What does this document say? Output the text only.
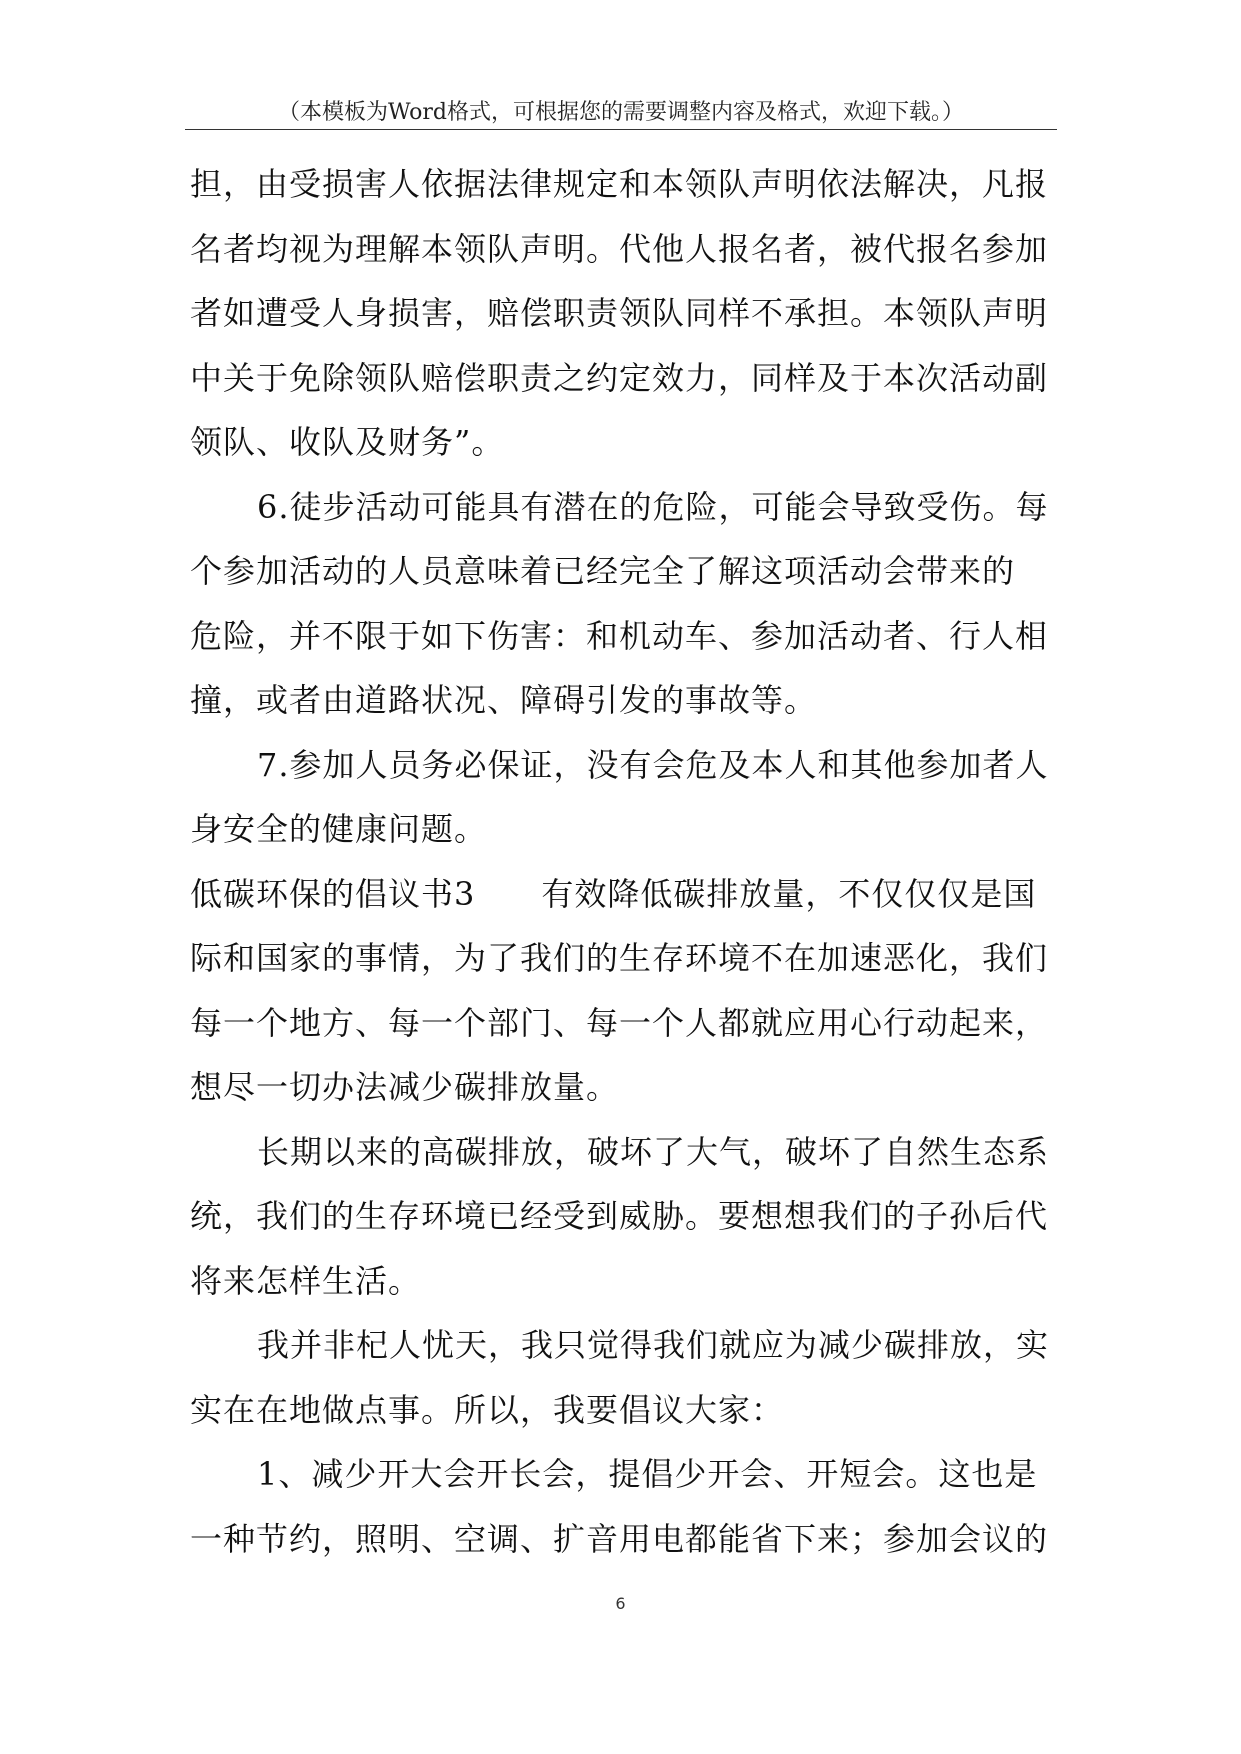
（本模板为Word格式，可根据您的需要调整内容及格式，欢迎下载。）
担，由受损害人依据法律规定和本领队声明依法解决，凡报
名者均视为理解本领队声明。代他人报名者，被代报名参加
者如遭受人身损害，赔偿职责领队同样不承担。本领队声明
中关于免除领队赔偿职责之约定效力，同样及于本次活动副
领队、收队及财务”。
6.徒步活动可能具有潜在的危险，可能会导致受伤。每
个参加活动的人员意味着已经完全了解这项活动会带来的
危险，并不限于如下伤害：和机动车、参加活动者、行人相
撞，或者由道路状况、障碍引发的事故等。
7.参加人员务必保证，没有会危及本人和其他参加者人
身安全的健康问题。
低碳环保的倡议书3　　有效降低碳排放量，不仅仅仅是国
际和国家的事情，为了我们的生存环境不在加速恶化，我们
每一个地方、每一个部门、每一个人都就应用心行动起来，
想尽一切办法减少碳排放量。
长期以来的高碳排放，破坏了大气，破坏了自然生态系
统，我们的生存环境已经受到威胁。要想想我们的子孙后代
将来怎样生活。
我并非杞人忧天，我只觉得我们就应为减少碳排放，实
实在在地做点事。所以，我要倡议大家：
1、减少开大会开长会，提倡少开会、开短会。这也是
一种节约，照明、空调、扩音用电都能省下来；参加会议的
6
